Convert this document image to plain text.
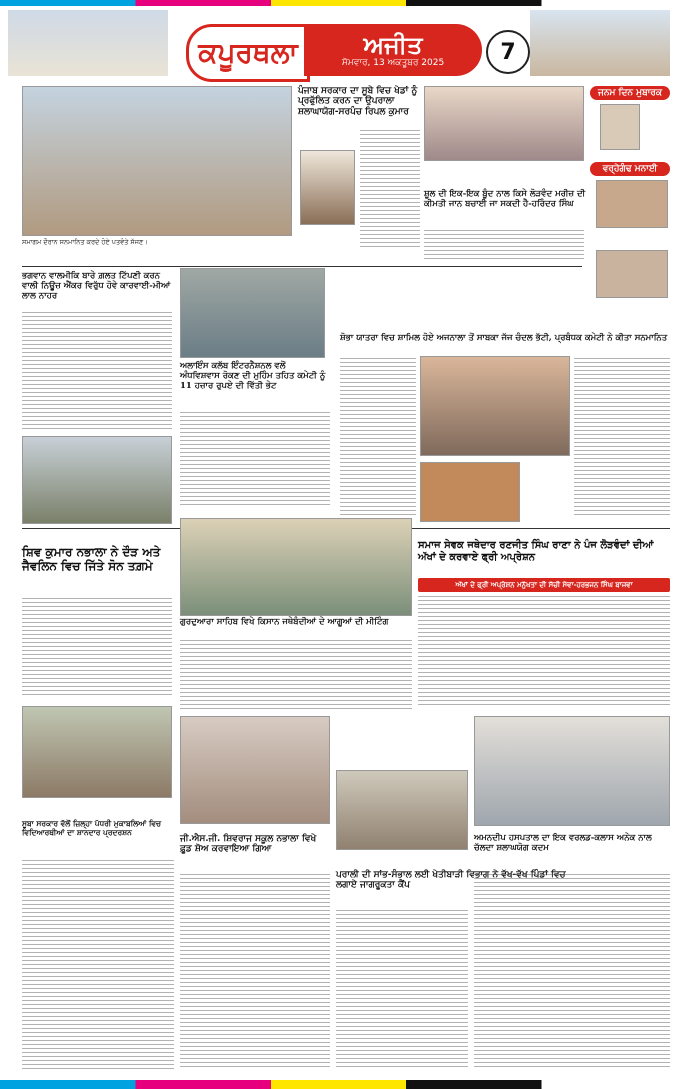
ਕਪੂਰਥਲਾ	ਅਜੀਤ
ਸੋਮਵਾਰ, 13 ਅਕਤੂਬਰ 2025	7
ਸਮਾਗਮ ਦੌਰਾਨ ਸਨਮਾਨਿਤ ਕਰਦੇ ਹੋਏ ਪਤਵੰਤੇ ਸੱਜਣ।
ਪੰਜਾਬ ਸਰਕਾਰ ਦਾ ਸੂਬੇ ਵਿਚ ਖੇਡਾਂ ਨੂੰ ਪ੍ਰਫੁੱਲਿਤ ਕਰਨ ਦਾ ਉਪਰਾਲਾ ਸ਼ਲਾਘਾਯੋਗ-ਸਰਪੰਚ ਰਿਪਲ ਕੁਮਾਰ
ਸ਼ੂਲ ਦੀ ਇਕ-ਇਕ ਬੂੰਦ ਨਾਲ ਕਿਸੇ ਲੋੜਵੰਦ ਮਰੀਜ਼ ਦੀ ਕੀਮਤੀ ਜਾਨ ਬਚਾਈ ਜਾ ਸਕਦੀ ਹੈ-ਹਰਿੰਦਰ ਸਿੰਘ
ਜਨਮ ਦਿਨ ਮੁਬਾਰਕ
ਵਰ੍ਹੇਗੰਢ ਮਨਾਈ
ਭਗਵਾਨ ਵਾਲਮੀਕਿ ਬਾਰੇ ਗ਼ਲਤ ਟਿੱਪਣੀ ਕਰਨ ਵਾਲੀ ਨਿਊਜ਼ ਐਂਕਰ ਵਿਰੁੱਧ ਹੋਵੇ ਕਾਰਵਾਈ-ਮੀਆਂ ਲਾਲ ਨਾਹਰ
ਅਲਾਇੰਸ ਕਲੱਬ ਇੰਟਰਨੈਸ਼ਨਲ ਵਲੋਂ ਅੰਧਵਿਸ਼ਵਾਸ ਰੋਕਣ ਦੀ ਮੁਹਿੰਮ ਤਹਿਤ ਕਮੇਟੀ ਨੂੰ 11 ਹਜ਼ਾਰ ਰੁਪਏ ਦੀ ਵਿੱਤੀ ਭੇਟ
ਸ਼ੋਭਾ ਯਾਤਰਾ ਵਿਚ ਸ਼ਾਮਿਲ ਹੋਏ ਅਜਨਾਲਾ ਤੋਂ ਸਾਬਕਾ ਜੱਜ ਚੰਦਲ ਭੱਟੀ, ਪ੍ਰਬੰਧਕ ਕਮੇਟੀ ਨੇ ਕੀਤਾ ਸਨਮਾਨਿਤ
ਸ਼ਿਵ ਕੁਮਾਰ ਨਭਾਲਾ ਨੇ ਦੌੜ ਅਤੇ ਜੈਵਲਿਨ ਵਿਚ ਜਿੱਤੇ ਸੋਨ ਤਗ਼ਮੇ
ਗੁਰਦੁਆਰਾ ਸਾਹਿਬ ਵਿਖੇ ਕਿਸਾਨ ਜਥੇਬੰਦੀਆਂ ਦੇ ਆਗੂਆਂ ਦੀ ਮੀਟਿੰਗ
ਸਮਾਜ ਸੇਵਕ ਜਥੇਦਾਰ ਰਣਜੀਤ ਸਿੰਘ ਰਾਣਾ ਨੇ ਪੰਜ ਲੋੜਵੰਦਾਂ ਦੀਆਂ ਅੱਖਾਂ ਦੇ ਕਰਵਾਏ ਫ੍ਰੀ ਅਪ੍ਰੇਸ਼ਨ
ਅੱਖਾਂ ਦੇ ਫ੍ਰੀ ਅਪ੍ਰੇਸ਼ਨ ਮਨੁੱਖਤਾ ਦੀ ਸੱਚੀ ਸੇਵਾ-ਹਰਭਜਨ ਸਿੰਘ ਬਾਜਵਾ
ਸੂਬਾ ਸਰਕਾਰ ਵੱਲੋਂ ਜ਼ਿਲ੍ਹਾ ਪੱਧਰੀ ਮੁਕਾਬਲਿਆਂ ਵਿਚ ਵਿਦਿਆਰਥੀਆਂ ਦਾ ਸ਼ਾਨਦਾਰ ਪ੍ਰਦਰਸ਼ਨ
ਜੀ.ਐਸ.ਜੀ. ਸ਼ਿਵਰਾਜ ਸਕੂਲ ਨਭਾਲਾ ਵਿਖੇ ਫ਼ੂਡ ਸ਼ੋਅ ਕਰਵਾਇਆ ਗਿਆ
ਪਰਾਲੀ ਦੀ ਸਾਂਭ-ਸੰਭਾਲ ਲਈ ਖੇਤੀਬਾੜੀ ਵਿਭਾਗ ਨੇ ਵੱਖ-ਵੱਖ ਪਿੰਡਾਂ ਵਿਚ ਲਗਾਏ ਜਾਗਰੂਕਤਾ ਕੈਂਪ
ਅਮਨਦੀਪ ਹਸਪਤਾਲ ਦਾ ਇਕ ਵਰਲਡ-ਕਲਾਸ ਅਨੇਕ ਨਾਲ ਚੱਲਦਾ ਸ਼ਲਾਘਯੋਗ ਕਦਮ
